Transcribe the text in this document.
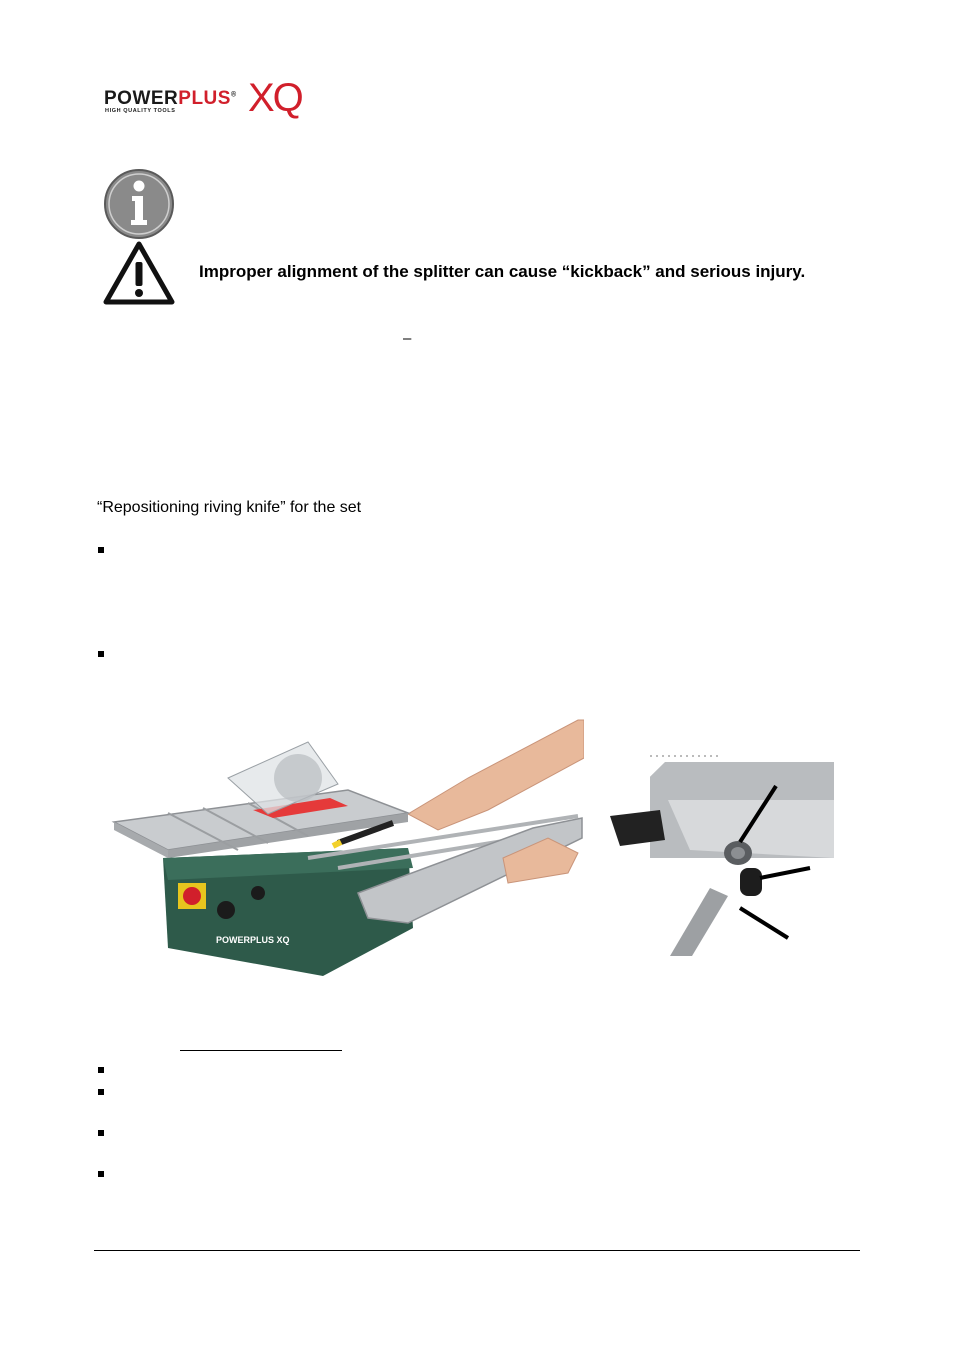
POWERPLUS®
HIGH QUALITY TOOLS XQ
Improper alignment of the splitter can cause “kickback” and serious injury.
–
“Repositioning riving knife” for the set
POWERPLUS XQ
